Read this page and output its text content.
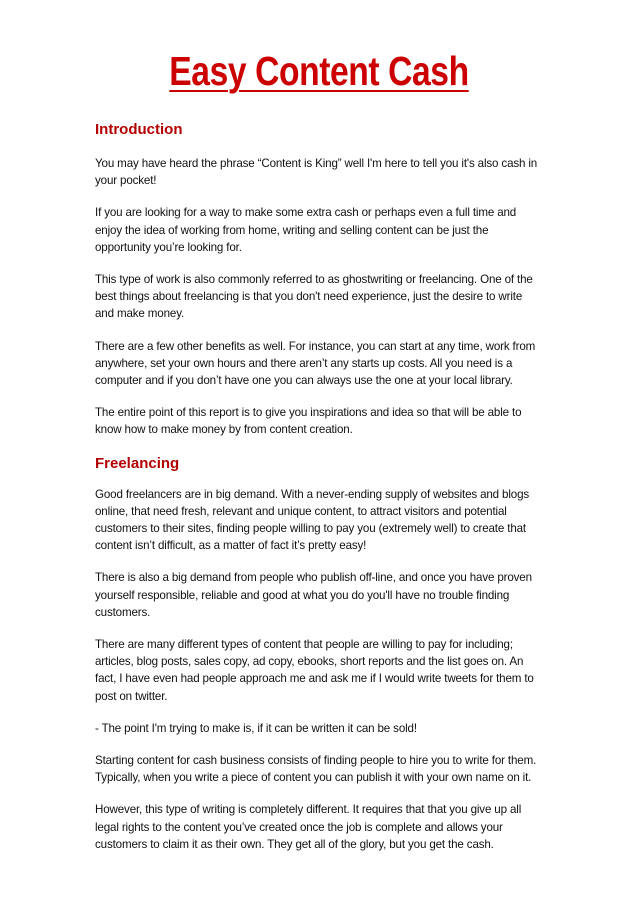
Easy Content Cash
Introduction

You may have heard the phrase “Content is King” well I'm here to tell you it's also cash in your pocket!

If you are looking for a way to make some extra cash or perhaps even a full time and enjoy the idea of working from home, writing and selling content can be just the opportunity you’re looking for.

This type of work is also commonly referred to as ghostwriting or freelancing. One of the best things about freelancing is that you don't need experience, just the desire to write and make money.

There are a few other benefits as well. For instance, you can start at any time, work from anywhere, set your own hours and there aren’t any starts up costs. All you need is a computer and if you don’t have one you can always use the one at your local library.

The entire point of this report is to give you inspirations and idea so that will be able to know how to make money by from content creation.

Freelancing

Good freelancers are in big demand. With a never-ending supply of websites and blogs online, that need fresh, relevant and unique content, to attract visitors and potential customers to their sites, finding people willing to pay you (extremely well) to create that content isn’t difficult, as a matter of fact it’s pretty easy!

There is also a big demand from people who publish off-line, and once you have proven yourself responsible, reliable and good at what you do you'll have no trouble finding customers.

There are many different types of content that people are willing to pay for including; articles, blog posts, sales copy, ad copy, ebooks, short reports and the list goes on. An fact, I have even had people approach me and ask me if I would write tweets for them to post on twitter.

- The point I'm trying to make is, if it can be written it can be sold!

Starting content for cash business consists of finding people to hire you to write for them. Typically, when you write a piece of content you can publish it with your own name on it.

However, this type of writing is completely different. It requires that that you give up all legal rights to the content you’ve created once the job is complete and allows your customers to claim it as their own. They get all of the glory, but you get the cash.
